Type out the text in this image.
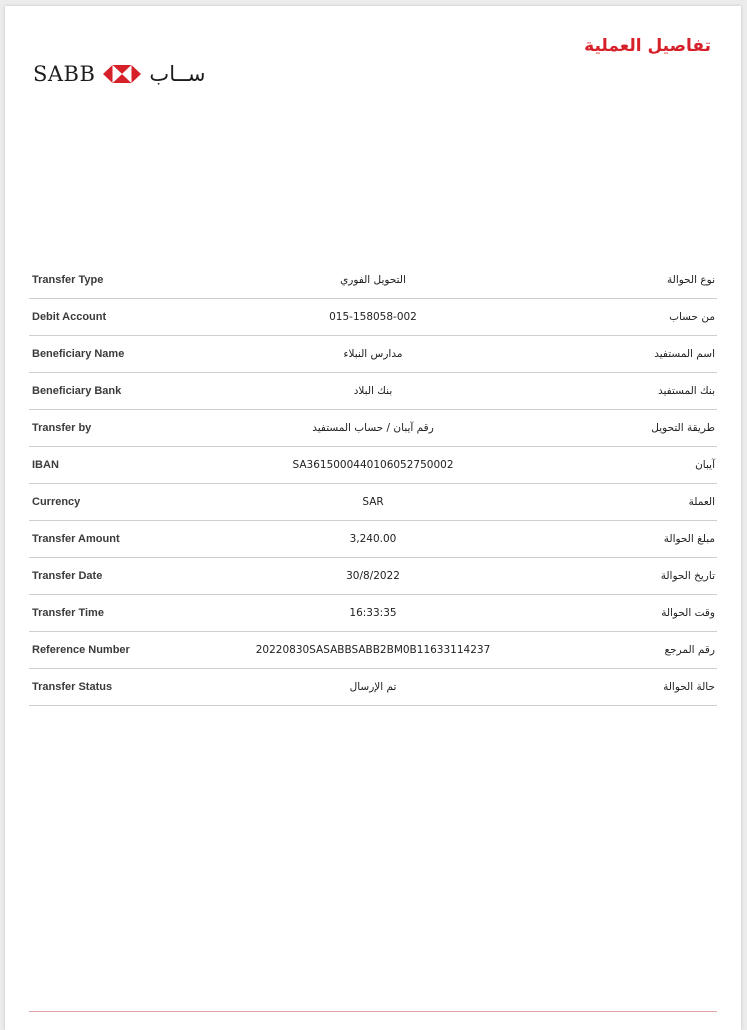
تفاصيل العملية
SABB	ســاب
Transfer Type	التحويل الفوري	نوع الحوالة
Debit Account	015-158058-002	من حساب
Beneficiary Name	مدارس النبلاء	اسم المستفيد
Beneficiary Bank	بنك البلاد	بنك المستفيد
Transfer by	رقم آيبان / حساب المستفيد	طريقة التحويل
IBAN	SA3615000440106052750002	آيبان
Currency	SAR	العملة
Transfer Amount	3,240.00	مبلغ الحوالة
Transfer Date	30/8/2022	تاريخ الحوالة
Transfer Time	16:33:35	وقت الحوالة
Reference Number	20220830SASABBSABB2BM0B11633114237	رقم المرجع
Transfer Status	تم الإرسال	حالة الحوالة
